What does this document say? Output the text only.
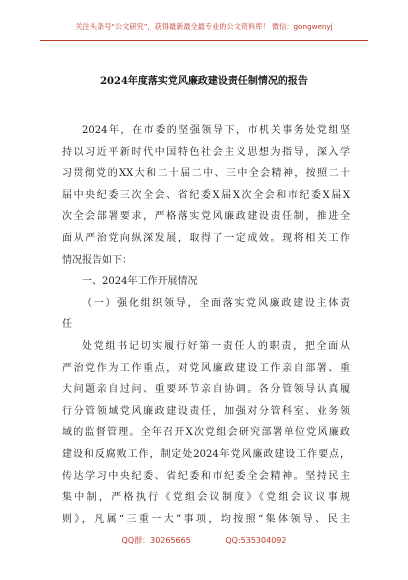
关注头条号“公文研究”，获得最新最全最专业的公文资料库！ 微信：gongwenyj
2024年度落实党风廉政建设责任制情况的报告
2024年，在市委的坚强领导下，市机关事务处党组坚
持以习近平新时代中国特色社会主义思想为指导，深入学
习贯彻党的XX大和二十届二中、三中全会精神，按照二十
届中央纪委三次全会、省纪委X届X次全会和市纪委X届X
次全会部署要求，严格落实党风廉政建设责任制，推进全
面从严治党向纵深发展，取得了一定成效。现将相关工作
情况报告如下：
一、2024年工作开展情况
（一）强化组织领导，全面落实党风廉政建设主体责
任
处党组书记切实履行好第一责任人的职责，把全面从
严治党作为工作重点，对党风廉政建设工作亲自部署、重
大问题亲自过问、重要环节亲自协调。各分管领导认真履
行分管领域党风廉政建设责任，加强对分管科室、业务领
域的监督管理。全年召开X次党组会研究部署单位党风廉政
建设和反腐败工作，制定处2024年党风廉政建设工作要点，
传达学习中央纪委、省纪委和市纪委全会精神。坚持民主
集中制，严格执行《党组会议制度》《党组会议议事规
则》，凡属“三重一大”事项，均按照“集体领导、民主
QQ群：30265665	QQ:535304092
